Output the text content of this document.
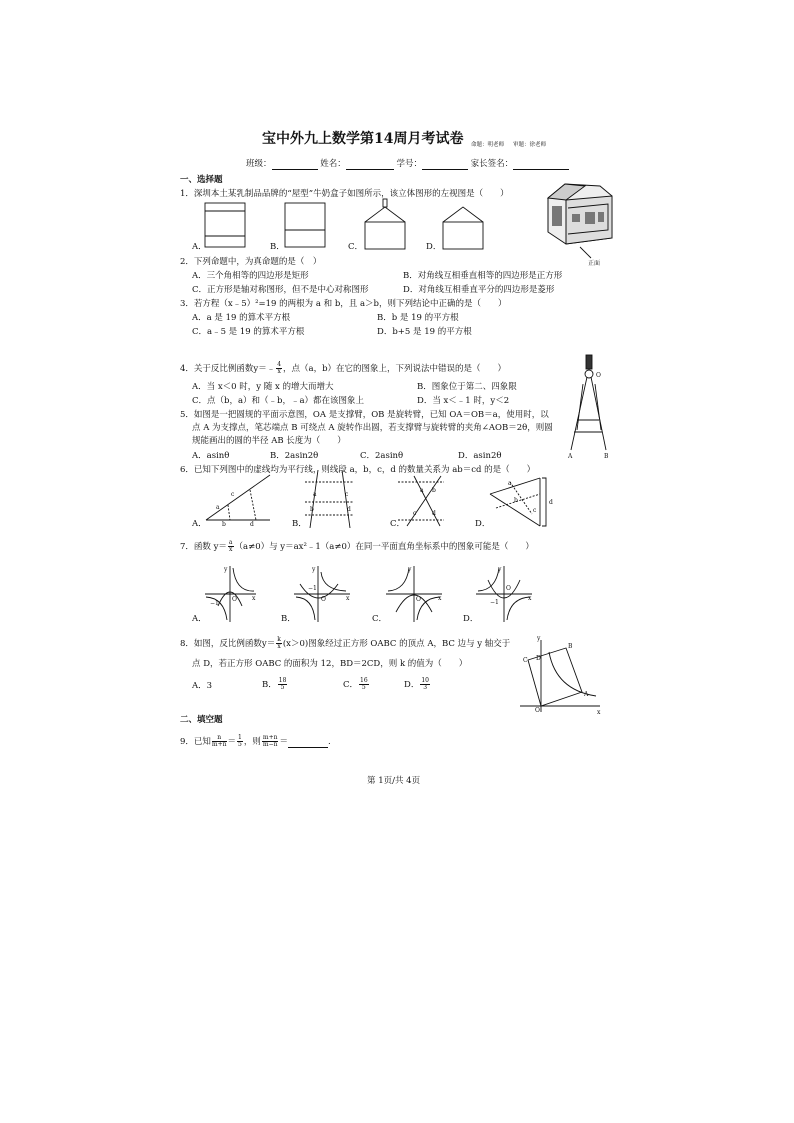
宝中外九上数学第14周月考试卷 命题：明老师 审题：徐老师
班级：	姓名：	学号：	家长签名：
一、选择题
1．深圳本土某乳制品品牌的“屋型”牛奶盒子如图所示，该立体图形的左视图是（　　）
A．	B．	C．	D．
正面
2．下列命题中，为真命题的是（　）
A．三个角相等的四边形是矩形	B．对角线互相垂直相等的四边形是正方形
C．正方形是轴对称图形，但不是中心对称图形	D．对角线互相垂直平分的四边形是菱形
3．若方程（x﹣5）²=19 的两根为 a 和 b，且 a＞b，则下列结论中正确的是（　　）
A．a 是 19 的算术平方根	B．b 是 19 的平方根
C．a﹣5 是 19 的算术平方根	D．b+5 是 19 的平方根
4．关于反比例函数y＝﹣ $\frac{4}{x}$ ，点（a，b）在它的图象上，下列说法中错误的是（　　）
A．当 x＜0 时，y 随 x 的增大而增大	B．图象位于第二、四象限
C．点（b，a）和（﹣b，﹣a）都在该图象上	D．当 x＜﹣1 时，y＜2
O
A	B
5．如图是一把圆规的平面示意图，OA 是支撑臂，OB 是旋转臂，已知 OA＝OB＝a，使用时，以
点 A 为支撑点，笔芯端点 B 可绕点 A 旋转作出圆，若支撑臂与旋转臂的夹角∠AOB＝2θ，则圆
规能画出的圆的半径 AB 长度为（　　）
A．asinθ	B．2asin2θ	C．2asinθ	D．asin2θ
6．已知下列图中的虚线均为平行线，则线段 a，b，c，d 的数量关系为 ab＝cd 的是（　　）
A．	B．	C．	D．
a
c
b	d
a	c
b	d
a b
c	d
a
b
c
d
7．函数 $y= \frac{a}{x} (a\ne 0)$与 y＝ax²﹣1（a≠0）在同一平面直角坐标系中的图象可能是（　　）
A．	B．	C．	D．
y
x
O
−1
y
x
O
−1
y
x
O
y
x
O
−1
8．如图，反比例函数$y= \frac{k}{x} (x>0)$图象经过正方形 OABC 的顶点 A，BC 边与 y 轴交于
点 D，若正方形 OABC 的面积为 12，BD＝2CD，则 k 的值为（　　）
A．3	B． $\frac{18}{5}$	C． $\frac{16}{5}$	D． $\frac{10}{3}$
y
x
O
C D
B
A
二、填空题
9．已知 $\frac{n}{m+n} = \frac{1}{5}$ ，则 $\frac{m+n}{m-n}$ ＝	.
第 1页/共 4页
